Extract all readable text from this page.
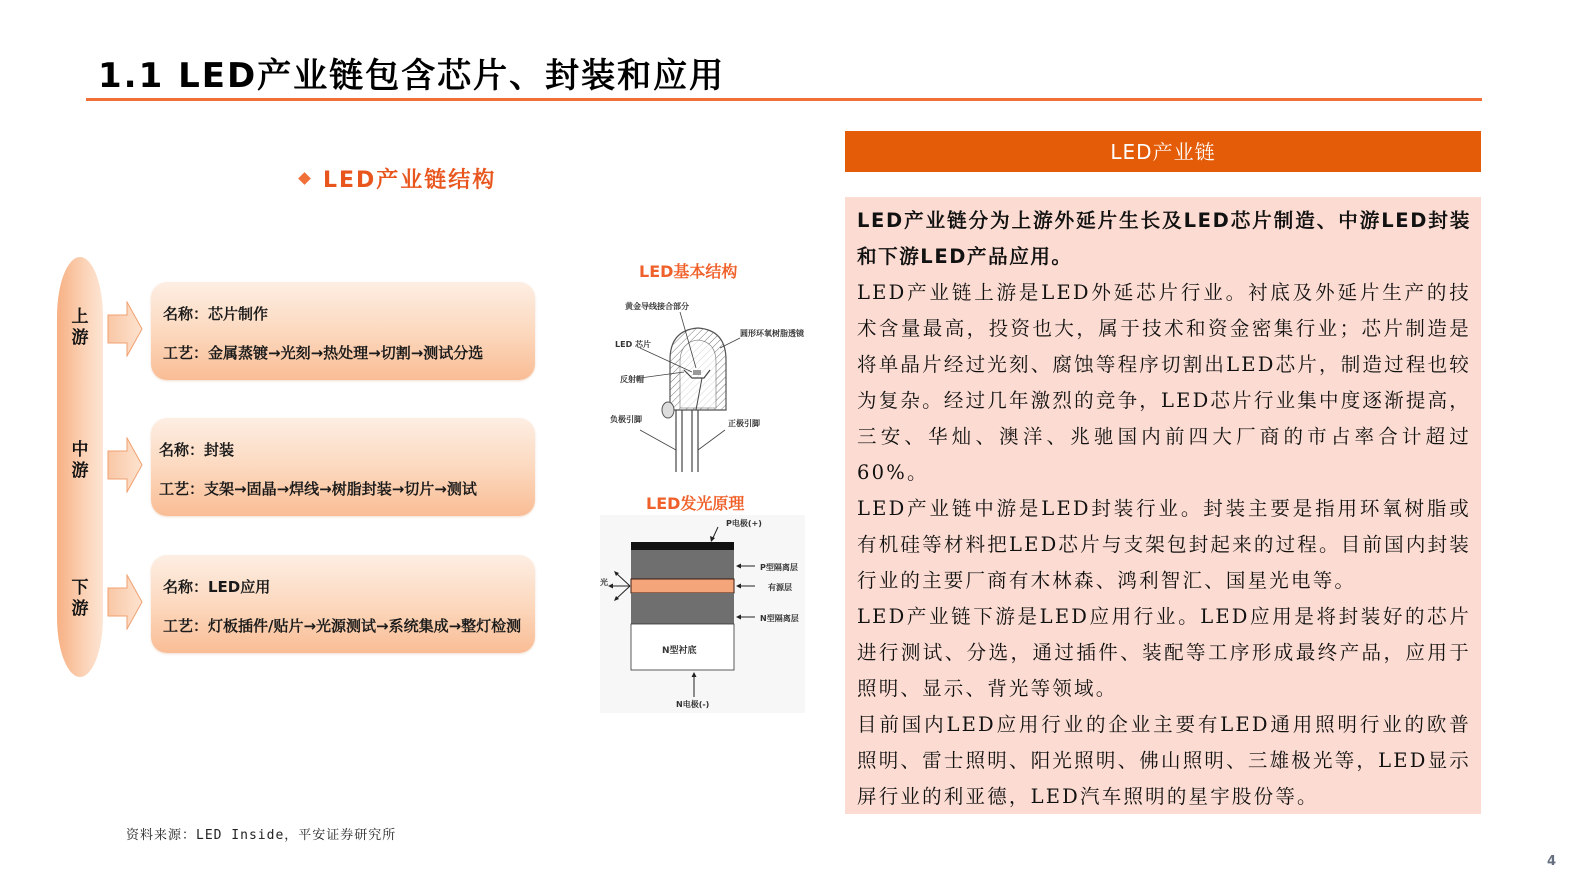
1.1 LED产业链包含芯片、封装和应用
LED产业链结构
上游
中游
下游
名称：芯片制作
工艺：金属蒸镀→光刻→热处理→切割→测试分选
名称：封装
工艺：支架→固晶→焊线→树脂封装→切片→测试
名称：LED应用
工艺：灯板插件/贴片→光源测试→系统集成→整灯检测
LED基本结构
黄金导线接合部分
圆形环氧树脂透镜
LED 芯片
反射帽
负极引脚	正极引脚
LED发光原理
P电极(+)
P型隔离层
有源层
N型隔离层
N型衬底
N电极(-)
光
LED产业链

LED产业链分为上游外延片生长及LED芯片制造、中游LED封装和下游LED产品应用。

LED产业链上游是LED外延芯片行业。衬底及外延片生产的技术含量最高，投资也大，属于技术和资金密集行业；芯片制造是将单晶片经过光刻、腐蚀等程序切割出LED芯片，制造过程也较为复杂。经过几年激烈的竞争，LED芯片行业集中度逐渐提高，三安、华灿、澳洋、兆驰国内前四大厂商的市占率合计超过60%。

LED产业链中游是LED封装行业。封装主要是指用环氧树脂或有机硅等材料把LED芯片与支架包封起来的过程。目前国内封装行业的主要厂商有木林森、鸿利智汇、国星光电等。

LED产业链下游是LED应用行业。LED应用是将封装好的芯片进行测试、分选，通过插件、装配等工序形成最终产品，应用于照明、显示、背光等领域。

目前国内LED应用行业的企业主要有LED通用照明行业的欧普照明、雷士照明、阳光照明、佛山照明、三雄极光等，LED显示屏行业的利亚德，LED汽车照明的星宇股份等。

资料来源：LED Inside，平安证券研究所
4
